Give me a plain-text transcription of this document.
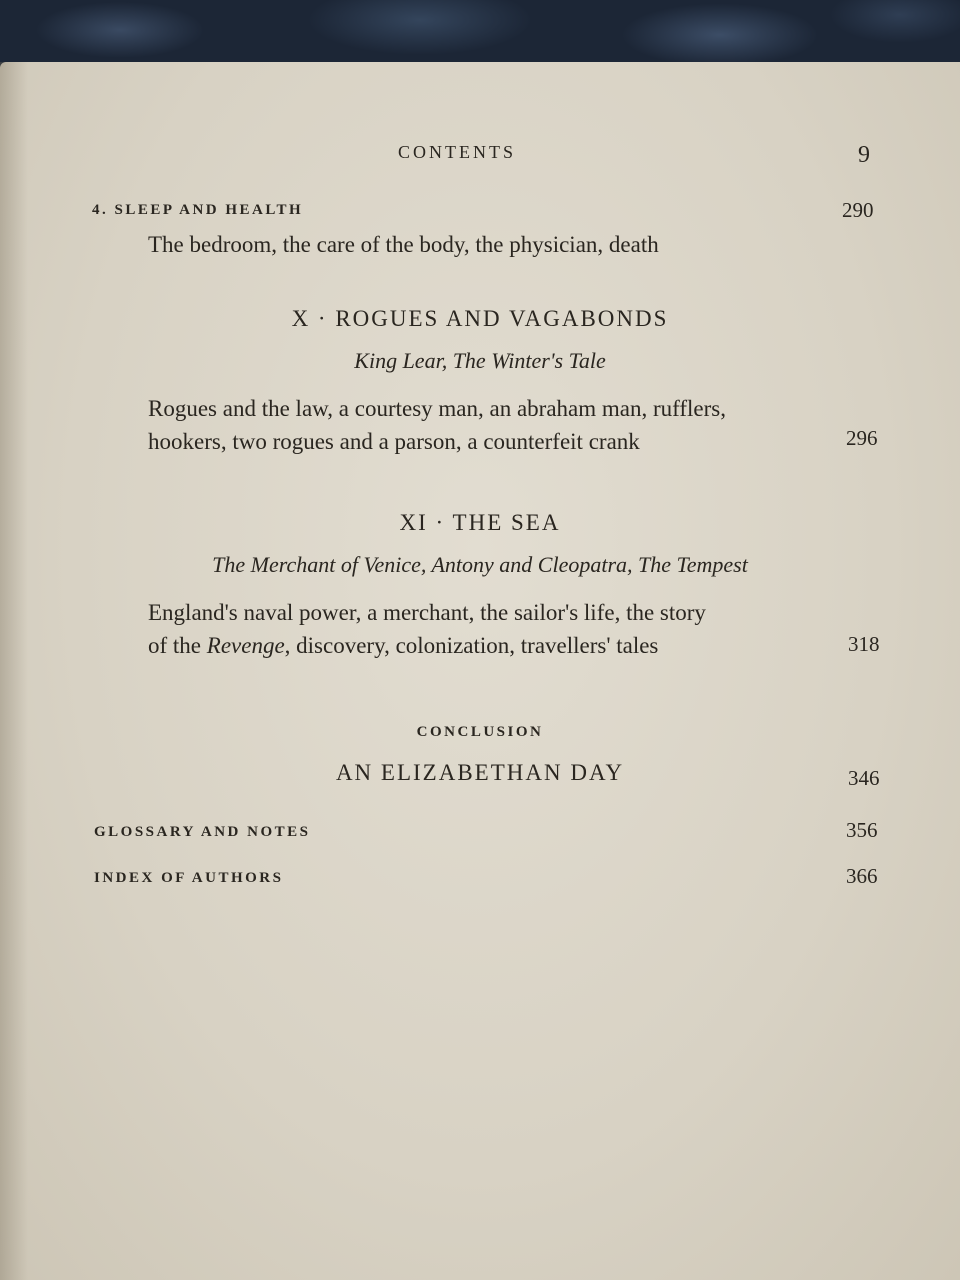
CONTENTS	9
4. SLEEP AND HEALTH	290
The bedroom, the care of the body, the physician, death
X · ROGUES AND VAGABONDS
King Lear, The Winter's Tale
Rogues and the law, a courtesy man, an abraham man, rufflers,
hookers, two rogues and a parson, a counterfeit crank	296
XI · THE SEA
The Merchant of Venice, Antony and Cleopatra, The Tempest
England's naval power, a merchant, the sailor's life, the story
of the Revenge, discovery, colonization, travellers' tales	318
CONCLUSION
AN ELIZABETHAN DAY	346
GLOSSARY AND NOTES	356
INDEX OF AUTHORS	366
